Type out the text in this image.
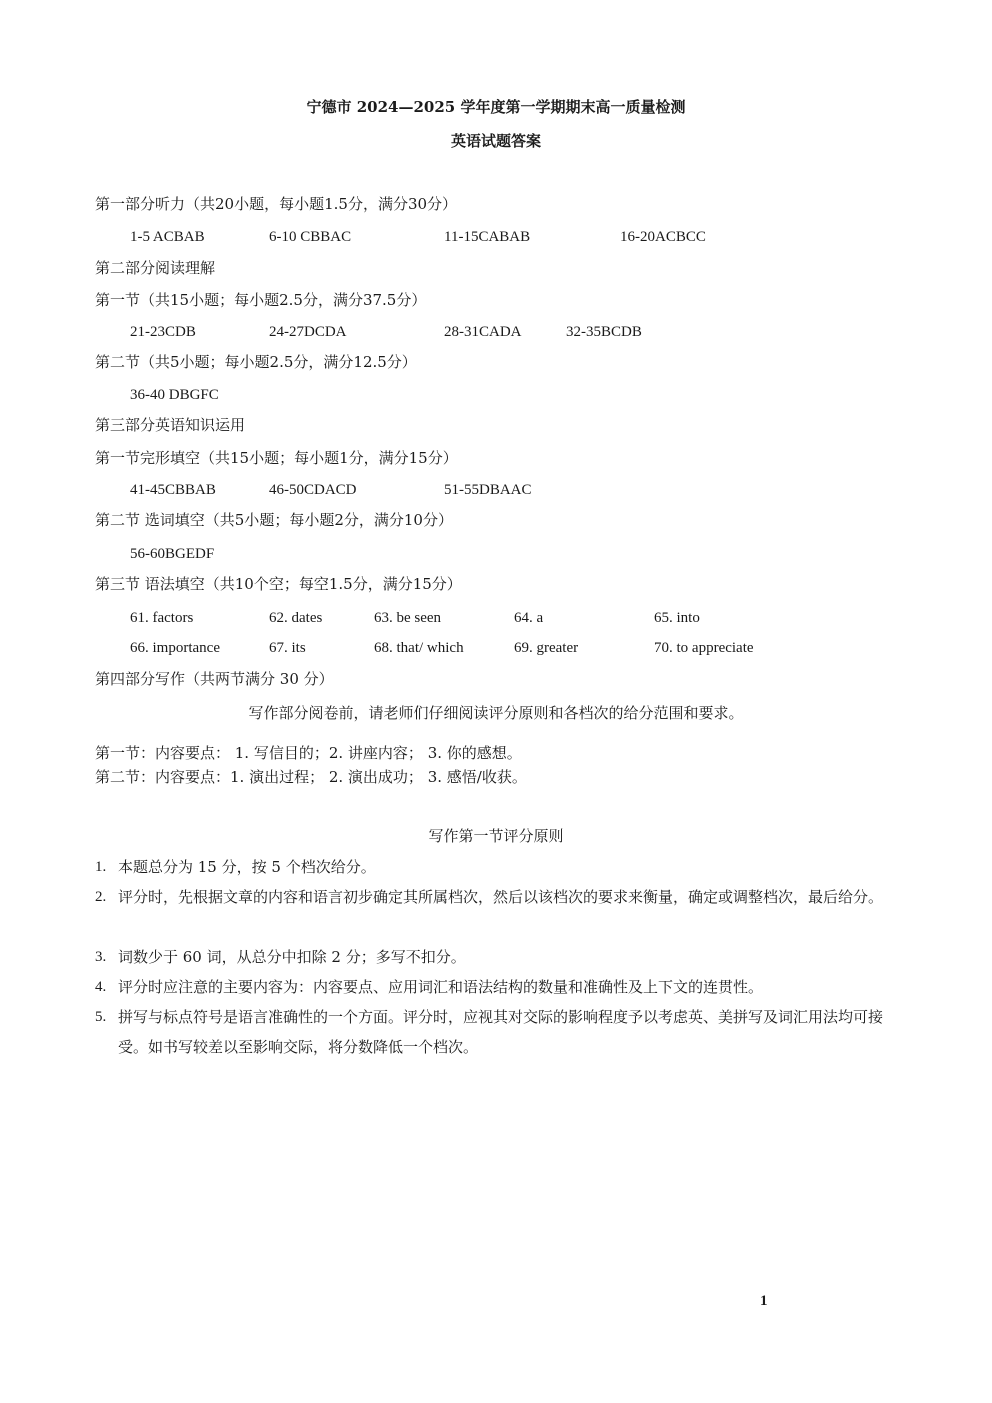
宁德市 2024—2025 学年度第一学期期末高一质量检测
英语试题答案
第一部分听力（共20小题，每小题1.5分，满分30分）
1-5 ACBAB	6-10 CBBAC	11-15CABAB	16-20ACBCC
第二部分阅读理解
第一节（共15小题；每小题2.5分，满分37.5分）
21-23CDB	24-27DCDA	28-31CADA	32-35BCDB
第二节（共5小题；每小题2.5分，满分12.5分）
36-40 DBGFC
第三部分英语知识运用
第一节完形填空（共15小题；每小题1分，满分15分）
41-45CBBAB	46-50CDACD	51-55DBAAC
第二节 选词填空（共5小题；每小题2分，满分10分）
56-60BGEDF
第三节 语法填空（共10个空；每空1.5分，满分15分）
61. factors	62. dates	63. be seen	64. a	65. into
66. importance	67. its	68. that/ which	69. greater	70. to appreciate
第四部分写作（共两节满分 30 分）
写作部分阅卷前，请老师们仔细阅读评分原则和各档次的给分范围和要求。
第一节：内容要点： 1. 写信目的；2. 讲座内容； 3. 你的感想。
第二节：内容要点：1. 演出过程； 2. 演出成功； 3. 感悟/收获。
写作第一节评分原则
1. 本题总分为 15 分，按 5 个档次给分。
2. 评分时，先根据文章的内容和语言初步确定其所属档次，然后以该档次的要求来衡量，确定或调整档次，最后给分。
3. 词数少于 60 词，从总分中扣除 2 分；多写不扣分。
4. 评分时应注意的主要内容为：内容要点、应用词汇和语法结构的数量和准确性及上下文的连贯性。
5. 拼写与标点符号是语言准确性的一个方面。评分时，应视其对交际的影响程度予以考虑英、美拼写及词汇用法均可接受。如书写较差以至影响交际，将分数降低一个档次。
1
